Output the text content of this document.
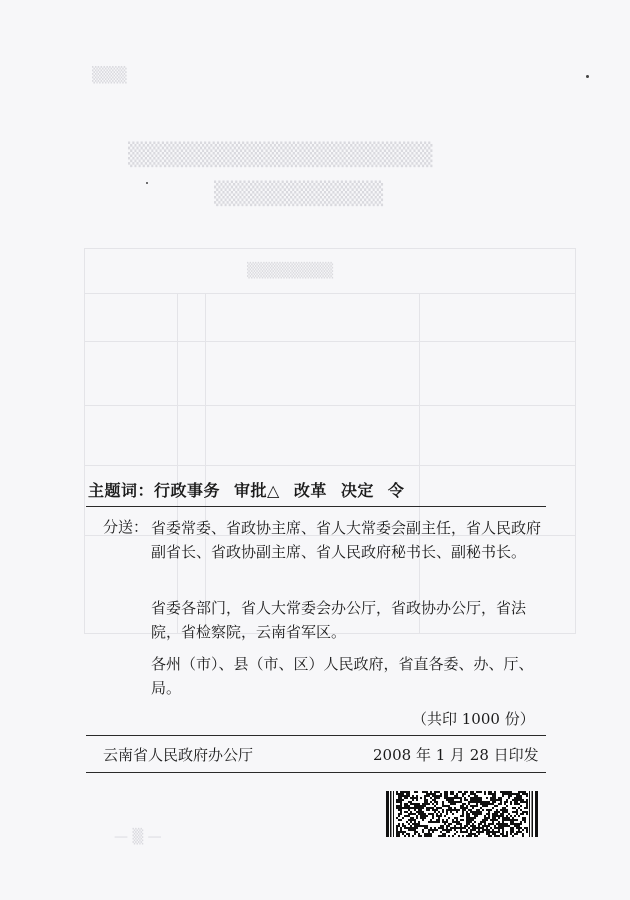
▒▒▒
▒▒▒▒▒▒▒▒▒▒▒▒▒▒▒▒▒▒
▒▒▒▒▒▒▒▒▒▒
▒▒▒▒▒▒▒▒
— ▒ —
主题词：行政事务 审批△ 改革 决定 令
分送： 省委常委、省政协主席、省人大常委会副主任，省人民政府副省长、省政协副主席、省人民政府秘书长、副秘书长。
省委各部门，省人大常委会办公厅，省政协办公厅，省法院，省检察院，云南省军区。
各州（市）、县（市、区）人民政府，省直各委、办、厅、局。
（共印 1000 份）
云南省人民政府办公厅	2008 年 1 月 28 日印发
